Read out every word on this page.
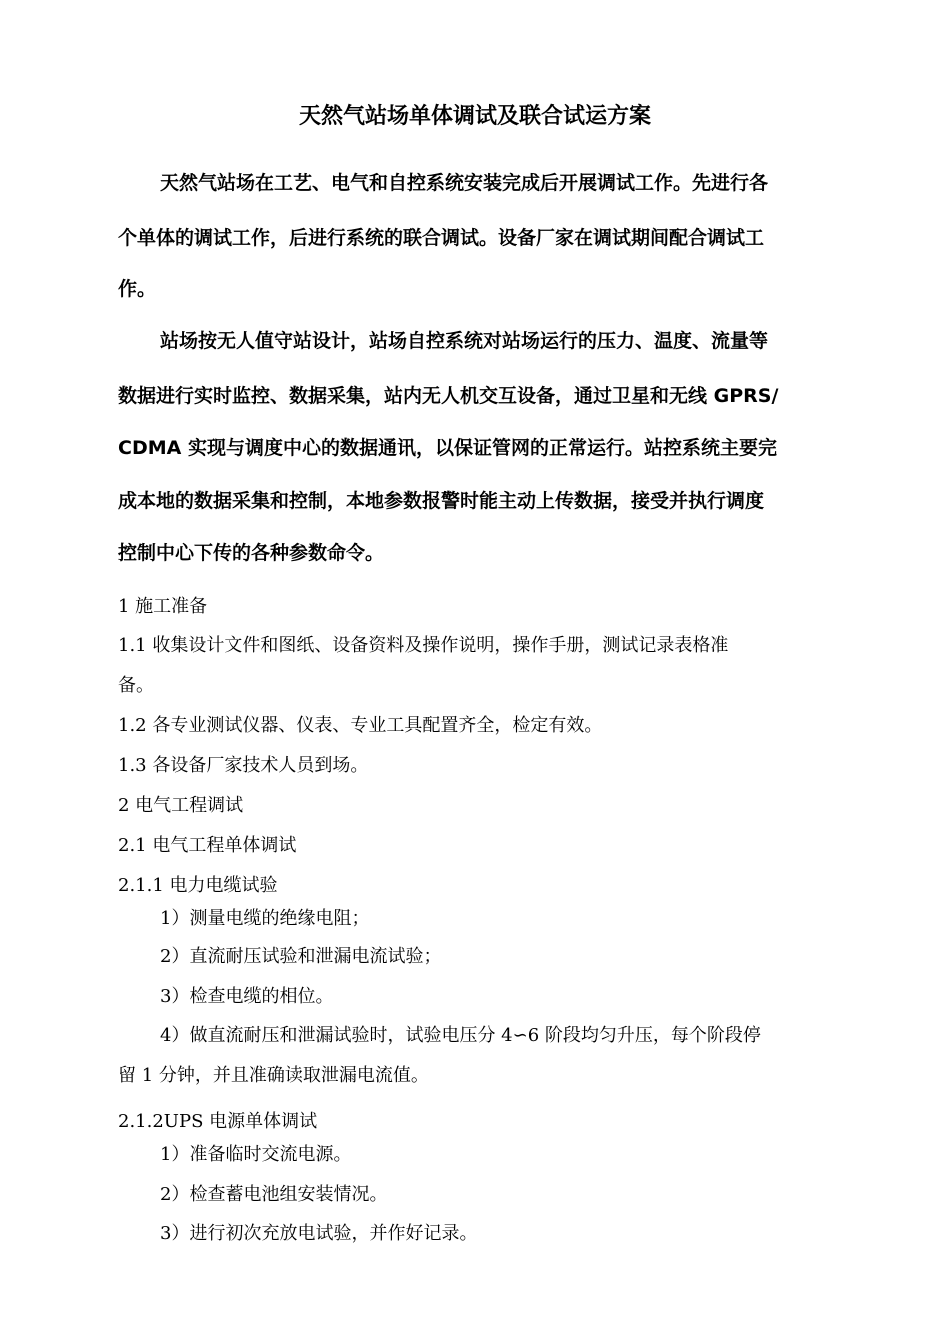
天然气站场单体调试及联合试运方案

天然气站场在工艺、电气和自控系统安装完成后开展调试工作。先进行各

个单体的调试工作，后进行系统的联合调试。设备厂家在调试期间配合调试工

作。

站场按无人值守站设计，站场自控系统对站场运行的压力、温度、流量等

数据进行实时监控、数据采集，站内无人机交互设备，通过卫星和无线 GPRS/

CDMA 实现与调度中心的数据通讯，以保证管网的正常运行。站控系统主要完

成本地的数据采集和控制，本地参数报警时能主动上传数据，接受并执行调度

控制中心下传的各种参数命令。

1 施工准备

1.1 收集设计文件和图纸、设备资料及操作说明，操作手册，测试记录表格准

备。

1.2 各专业测试仪器、仪表、专业工具配置齐全，检定有效。

1.3 各设备厂家技术人员到场。

2 电气工程调试

2.1 电气工程单体调试

2.1.1 电力电缆试验

1）测量电缆的绝缘电阻；

2）直流耐压试验和泄漏电流试验；

3）检查电缆的相位。

4）做直流耐压和泄漏试验时，试验电压分 4∽6 阶段均匀升压，每个阶段停

留 1 分钟，并且准确读取泄漏电流值。

2.1.2UPS 电源单体调试

1）准备临时交流电源。

2）检查蓄电池组安装情况。

3）进行初次充放电试验，并作好记录。
